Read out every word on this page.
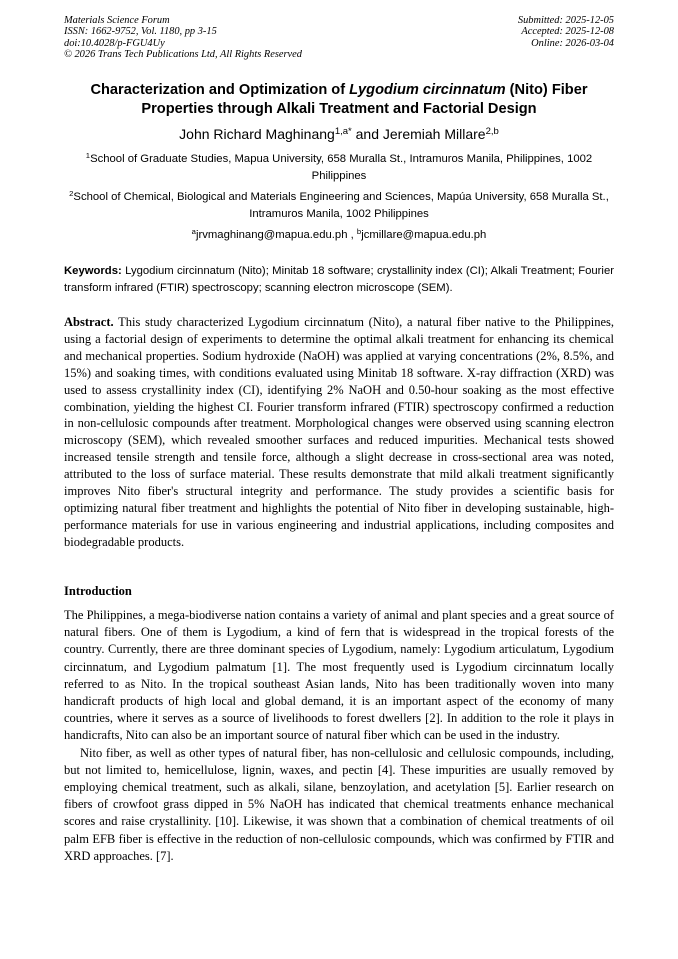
Materials Science Forum
ISSN: 1662-9752, Vol. 1180, pp 3-15
doi:10.4028/p-FGU4Uy
© 2026 Trans Tech Publications Ltd, All Rights Reserved
Submitted: 2025-12-05
Accepted: 2025-12-08
Online: 2026-03-04
Characterization and Optimization of Lygodium circinnatum (Nito) Fiber Properties through Alkali Treatment and Factorial Design
John Richard Maghinang$^{1,a*}$ and Jeremiah Millare$^{2,b}$
$^1$School of Graduate Studies, Mapua University, 658 Muralla St., Intramuros Manila, Philippines, 1002 Philippines
$^2$School of Chemical, Biological and Materials Engineering and Sciences, Mapúa University, 658 Muralla St., Intramuros Manila, 1002 Philippines
$^a$jrvmaghinang@mapua.edu.ph , $^b$jcmillare@mapua.edu.ph
Keywords: Lygodium circinnatum (Nito); Minitab 18 software; crystallinity index (CI); Alkali Treatment; Fourier transform infrared (FTIR) spectroscopy; scanning electron microscope (SEM).
Abstract. This study characterized Lygodium circinnatum (Nito), a natural fiber native to the Philippines, using a factorial design of experiments to determine the optimal alkali treatment for enhancing its chemical and mechanical properties. Sodium hydroxide (NaOH) was applied at varying concentrations (2%, 8.5%, and 15%) and soaking times, with conditions evaluated using Minitab 18 software. X-ray diffraction (XRD) was used to assess crystallinity index (CI), identifying 2% NaOH and 0.50-hour soaking as the most effective combination, yielding the highest CI. Fourier transform infrared (FTIR) spectroscopy confirmed a reduction in non-cellulosic compounds after treatment. Morphological changes were observed using scanning electron microscopy (SEM), which revealed smoother surfaces and reduced impurities. Mechanical tests showed increased tensile strength and tensile force, although a slight decrease in cross-sectional area was noted, attributed to the loss of surface material. These results demonstrate that mild alkali treatment significantly improves Nito fiber's structural integrity and performance. The study provides a scientific basis for optimizing natural fiber treatment and highlights the potential of Nito fiber in developing sustainable, high-performance materials for use in various engineering and industrial applications, including composites and biodegradable products.
Introduction

The Philippines, a mega-biodiverse nation contains a variety of animal and plant species and a great source of natural fibers. One of them is Lygodium, a kind of fern that is widespread in the tropical forests of the country. Currently, there are three dominant species of Lygodium, namely: Lygodium articulatum, Lygodium circinnatum, and Lygodium palmatum [1]. The most frequently used is Lygodium circinnatum locally referred to as Nito. In the tropical southeast Asian lands, Nito has been traditionally woven into many handicraft products of high local and global demand, it is an important aspect of the economy of many countries, where it serves as a source of livelihoods to forest dwellers [2]. In addition to the role it plays in handicrafts, Nito can also be an important source of natural fiber which can be used in the industry.

Nito fiber, as well as other types of natural fiber, has non-cellulosic and cellulosic compounds, including, but not limited to, hemicellulose, lignin, waxes, and pectin [4]. These impurities are usually removed by employing chemical treatment, such as alkali, silane, benzoylation, and acetylation [5]. Earlier research on fibers of crowfoot grass dipped in 5% NaOH has indicated that chemical treatments enhance mechanical scores and raise crystallinity. [10]. Likewise, it was shown that a combination of chemical treatments of oil palm EFB fiber is effective in the reduction of non-cellulosic compounds, which was confirmed by FTIR and XRD approaches. [7].
